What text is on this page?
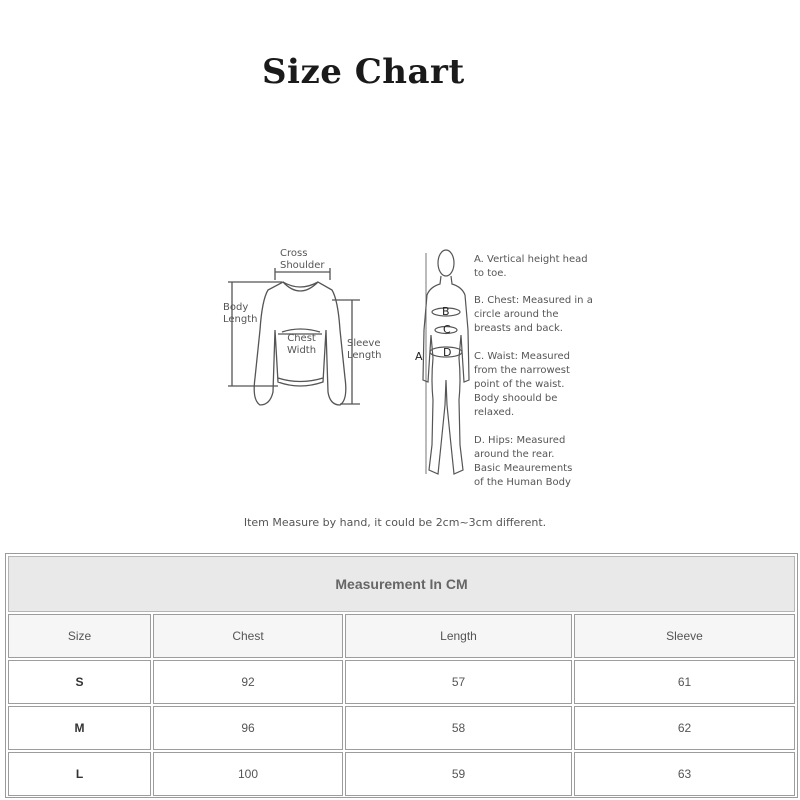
Size Chart
Cross
Shoulder
Body
Length
Chest
Width
Sleeve
Length	A
B
C
D
A. Vertical height head
to toe.
B. Chest: Measured in a
circle around the
breasts and back.
C. Waist: Measured
from the narrowest
point of the waist.
Body shoould be
relaxed.
D. Hips: Measured
around the rear.
Basic Meaurements
of the Human Body
Item Measure by hand, it could be 2cm~3cm different.
Measurement In CM
Size	Chest	Length	Sleeve
S	92	57	61
M	96	58	62
L	100	59	63
